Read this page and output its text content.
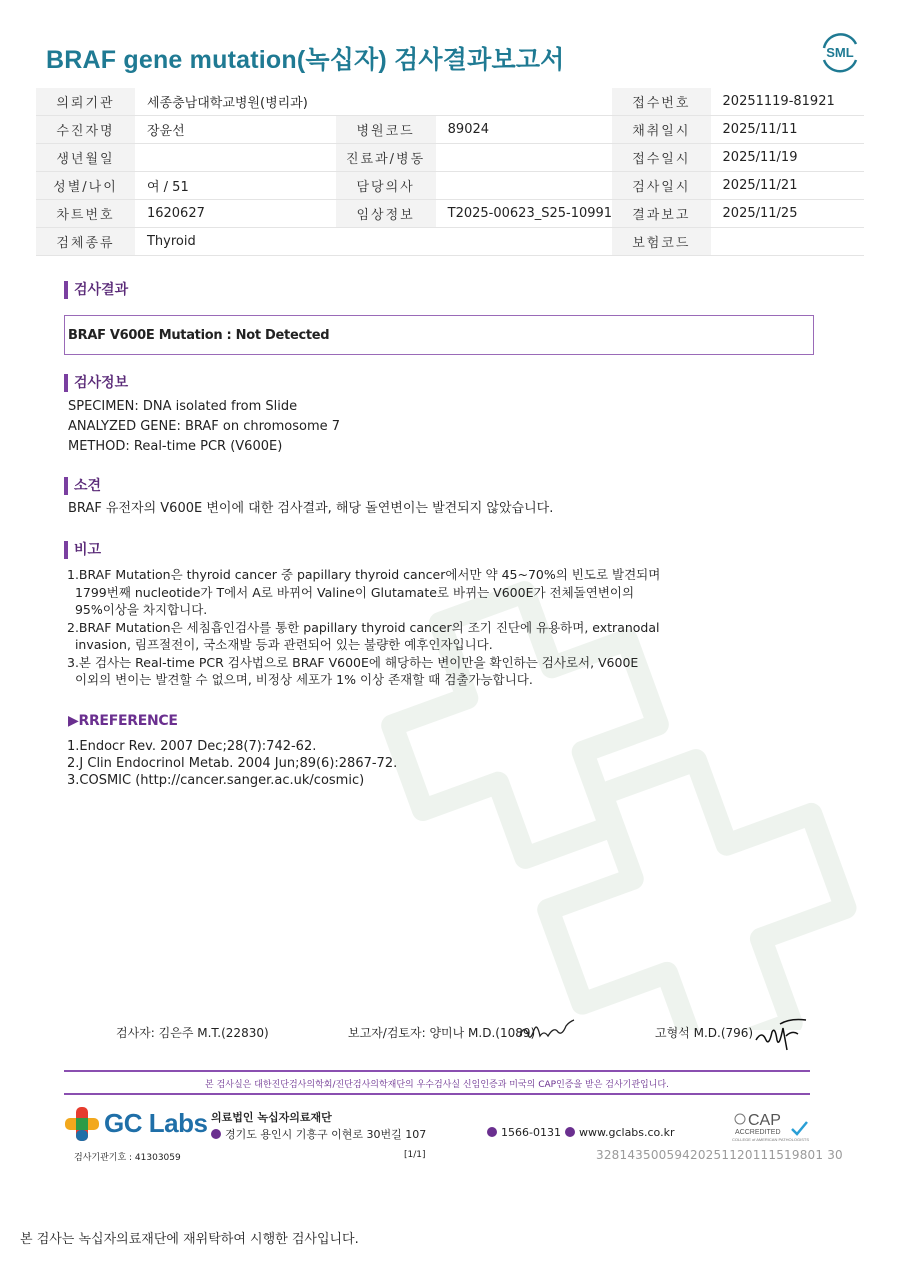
BRAF gene mutation(녹십자) 검사결과보고서	SML
의뢰기관	세종충남대학교병원(병리과)			접수번호	20251119-81921
수진자명	장윤선	병원코드	89024	채취일시	2025/11/11
생년월일		진료과/병동		접수일시	2025/11/19
성별/나이	여 / 51	담당의사		검사일시	2025/11/21
차트번호	1620627	임상정보	T2025-00623_S25-10991	결과보고	2025/11/25
검체종류	Thyroid			보험코드	
검사결과
BRAF V600E Mutation : Not Detected
검사정보
SPECIMEN: DNA isolated from Slide
ANALYZED GENE: BRAF on chromosome 7
METHOD: Real-time PCR (V600E)
소견
BRAF 유전자의 V600E 변이에 대한 검사결과, 해당 돌연변이는 발견되지 않았습니다.
비고
1.BRAF Mutation은 thyroid cancer 중 papillary thyroid cancer에서만 약 45~70%의 빈도로 발견되며
1799번째 nucleotide가 T에서 A로 바뀌어 Valine이 Glutamate로 바뀌는 V600E가 전체돌연변이의
95%이상을 차지합니다.
2.BRAF Mutation은 세침흡인검사를 통한 papillary thyroid cancer의 조기 진단에 유용하며, extranodal
invasion, 림프절전이, 국소재발 등과 관련되어 있는 불량한 예후인자입니다.
3.본 검사는 Real-time PCR 검사법으로 BRAF V600E에 해당하는 변이만을 확인하는 검사로서, V600E
이외의 변이는 발견할 수 없으며, 비정상 세포가 1% 이상 존재할 때 검출가능합니다.
▶RREFERENCE
1.Endocr Rev. 2007 Dec;28(7):742-62.
2.J Clin Endocrinol Metab. 2004 Jun;89(6):2867-72.
3.COSMIC (http://cancer.sanger.ac.uk/cosmic)
검사자: 김은주 M.T.(22830)	보고자/검토자: 양미나 M.D.(1089)	고형석 M.D.(796)
본 검사실은 대한진단검사의학회/진단검사의학재단의 우수검사실 신임인증과 미국의 CAP인증을 받은 검사기관입니다.
GC Labs 의료법인 녹십자의료재단
경기도 용인시 기흥구 이현로 30번길 107	1566-0131	www.gclabs.co.kr
CAP
ACCREDITED
COLLEGE of AMERICAN PATHOLOGISTS
검사기관기호 : 41303059	[1/1]	32814350059420251120111519801 30
본 검사는 녹십자의료재단에 재위탁하여 시행한 검사입니다.
